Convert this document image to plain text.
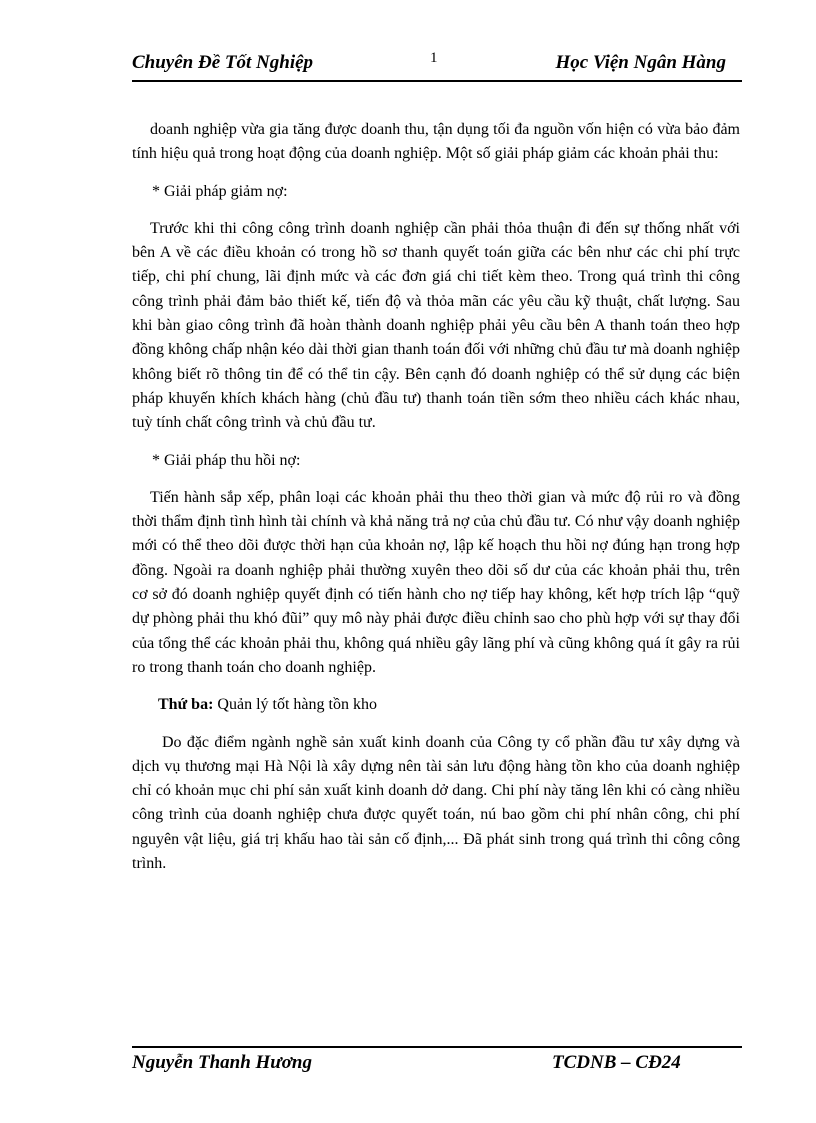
Chuyên Đề Tốt Nghiệp	1	Học Viện Ngân Hàng

doanh nghiệp vừa gia tăng được doanh thu, tận dụng tối đa nguồn vốn hiện có vừa bảo đảm tính hiệu quả trong hoạt động của doanh nghiệp. Một số giải pháp giảm các khoản phải thu:

* Giải pháp giảm nợ:

Trước khi thi công công trình doanh nghiệp cần phải thỏa thuận đi đến sự thống nhất với bên A về các điều khoản có trong hồ sơ thanh quyết toán giữa các bên như các chi phí trực tiếp, chi phí chung, lãi định mức và các đơn giá chi tiết kèm theo. Trong quá trình thi công công trình phải đảm bảo thiết kế, tiến độ và thỏa mãn các yêu cầu kỹ thuật, chất lượng. Sau khi bàn giao công trình đã hoàn thành doanh nghiệp phải yêu cầu bên A thanh toán theo hợp đồng không chấp nhận kéo dài thời gian thanh toán đối với những chủ đầu tư mà doanh nghiệp không biết rõ thông tin để có thể tin cậy. Bên cạnh đó doanh nghiệp có thể sử dụng các biện pháp khuyến khích khách hàng (chủ đầu tư) thanh toán tiền sớm theo nhiều cách khác nhau, tuỳ tính chất công trình và chủ đầu tư.

* Giải pháp thu hồi nợ:

Tiến hành sắp xếp, phân loại các khoản phải thu theo thời gian và mức độ rủi ro và đồng thời thẩm định tình hình tài chính và khả năng trả nợ của chủ đầu tư. Có như vậy doanh nghiệp mới có thể theo dõi được thời hạn của khoản nợ, lập kế hoạch thu hồi nợ đúng hạn trong hợp đồng. Ngoài ra doanh nghiệp phải thường xuyên theo dõi số dư của các khoản phải thu, trên cơ sở đó doanh nghiệp quyết định có tiến hành cho nợ tiếp hay không, kết hợp trích lập “quỹ dự phòng phải thu khó đũi” quy mô này phải được điều chỉnh sao cho phù hợp với sự thay đổi của tổng thể các khoản phải thu, không quá nhiều gây lãng phí và cũng không quá ít gây ra rủi ro trong thanh toán cho doanh nghiệp.

Thứ ba: Quản lý tốt hàng tồn kho

Do đặc điểm ngành nghề sản xuất kinh doanh của Công ty cổ phần đầu tư xây dựng và dịch vụ thương mại Hà Nội là xây dựng nên tài sản lưu động hàng tồn kho của doanh nghiệp chỉ có khoản mục chi phí sản xuất kinh doanh dở dang. Chi phí này tăng lên khi có càng nhiều công trình của doanh nghiệp chưa được quyết toán, nú bao gồm chi phí nhân công, chi phí nguyên vật liệu, giá trị khấu hao tài sản cố định,... Đã phát sinh trong quá trình thi công công trình.

Nguyễn Thanh Hương	TCDNB – CĐ24
